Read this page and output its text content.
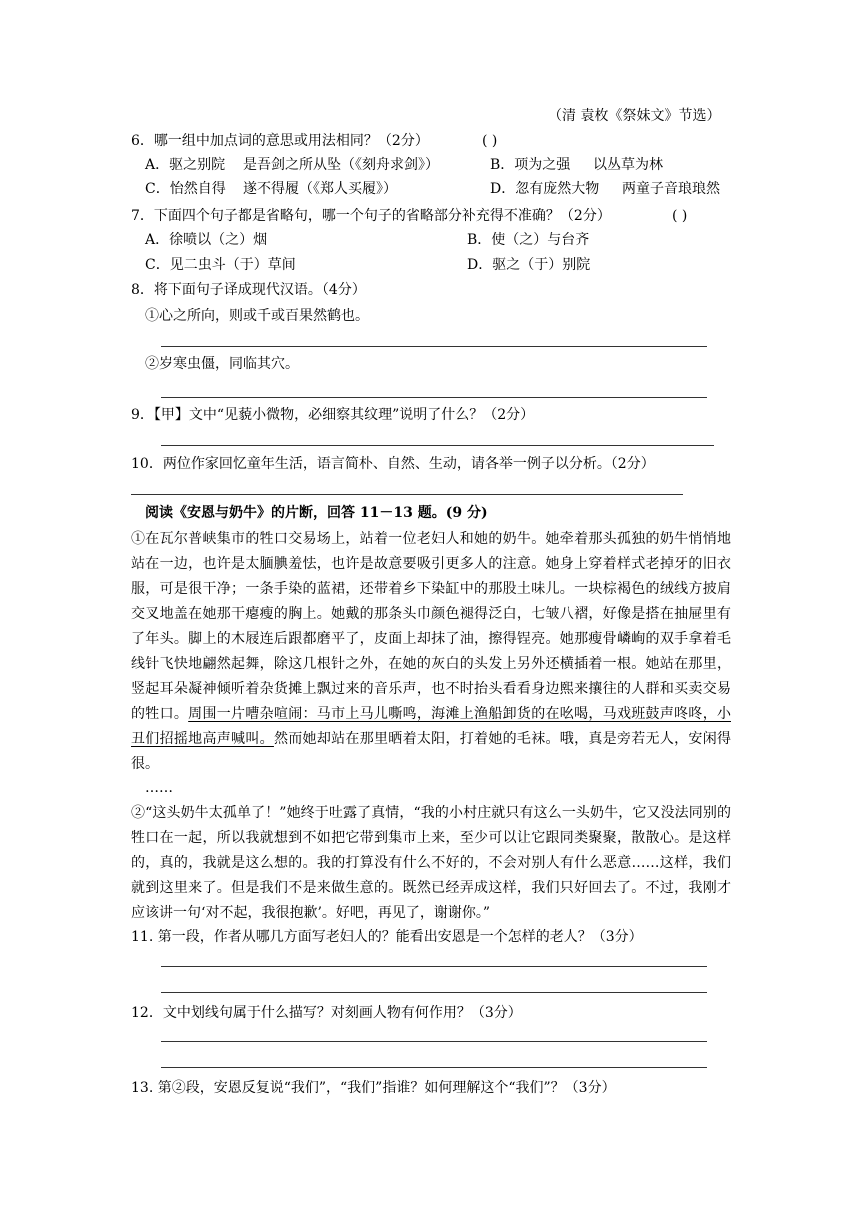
（清 袁枚《祭妹文》节选）
6．哪一组中加点词的意思或用法相同？（2分）	( )
A．驱之别院 是吾剑之所从坠（《刻舟求剑》）	B．项为之强 以丛草为林
C．怡然自得 遂不得履（《郑人买履》）	D．忽有庞然大物 两童子音琅琅然
7．下面四个句子都是省略句，哪一个句子的省略部分补充得不准确？（2分）	( )
A．徐喷以（之）烟	B．使（之）与台齐
C．见二虫斗（于）草间	D．驱之（于）别院
8．将下面句子译成现代汉语。（4分）
①心之所向，则或千或百果然鹤也。
②岁寒虫僵，同临其穴。
9．【甲】文中“见藐小微物，必细察其纹理”说明了什么？（2分）
10．两位作家回忆童年生活，语言简朴、自然、生动，请各举一例子以分析。（2分）
阅读《安恩与奶牛》的片断，回答 11－13 题。(9 分)
①在瓦尔普峡集市的牲口交易场上，站着一位老妇人和她的奶牛。她牵着那头孤独的奶牛悄悄地站在一边，也许是太腼腆羞怯，也许是故意要吸引更多人的注意。她身上穿着样式老掉牙的旧衣服，可是很干净；一条手染的蓝裙，还带着乡下染缸中的那股土味儿。一块棕褐色的绒线方披肩交叉地盖在她那干瘪瘦的胸上。她戴的那条头巾颜色褪得泛白，七皱八褶，好像是搭在抽屉里有了年头。脚上的木屐连后跟都磨平了，皮面上却抹了油，擦得锃亮。她那瘦骨嶙峋的双手拿着毛线针飞快地翩然起舞，除这几根针之外，在她的灰白的头发上另外还横插着一根。她站在那里，竖起耳朵凝神倾听着杂货摊上飘过来的音乐声，也不时抬头看看身边熙来攘往的人群和买卖交易的牲口。周围一片嘈杂喧闹：马市上马儿嘶鸣，海滩上渔船卸货的在吆喝，马戏班鼓声咚咚，小丑们招摇地高声喊叫。然而她却站在那里晒着太阳，打着她的毛袜。哦，真是旁若无人，安闲得很。
……
②“这头奶牛太孤单了！”她终于吐露了真情，“我的小村庄就只有这么一头奶牛，它又没法同别的牲口在一起，所以我就想到不如把它带到集市上来，至少可以让它跟同类聚聚，散散心。是这样的，真的，我就是这么想的。我的打算没有什么不好的，不会对别人有什么恶意……这样，我们就到这里来了。但是我们不是来做生意的。既然已经弄成这样，我们只好回去了。不过，我刚才应该讲一句‘对不起，我很抱歉’。好吧，再见了，谢谢你。”
11. 第一段，作者从哪几方面写老妇人的？能看出安恩是一个怎样的老人？（3分）
12．文中划线句属于什么描写？对刻画人物有何作用？（3分）
13. 第②段，安恩反复说“我们”，“我们”指谁？如何理解这个“我们”？（3分）
